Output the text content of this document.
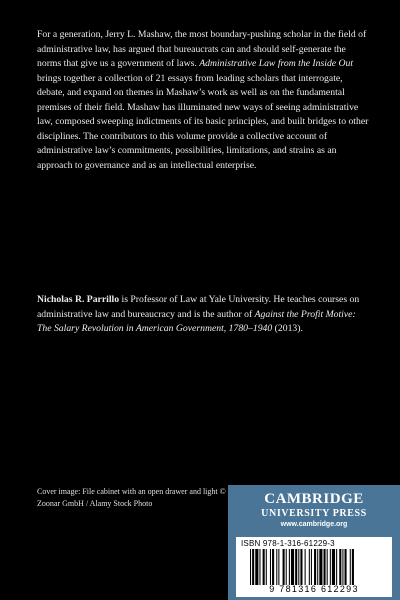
For a generation, Jerry L. Mashaw, the most boundary-pushing scholar in the field of administrative law, has argued that bureaucrats can and should self-generate the norms that give us a government of laws. Administrative Law from the Inside Out brings together a collection of 21 essays from leading scholars that interrogate, debate, and expand on themes in Mashaw’s work as well as on the fundamental premises of their field. Mashaw has illuminated new ways of seeing administrative law, composed sweeping indictments of its basic principles, and built bridges to other disciplines. The contributors to this volume provide a collective account of administrative law’s commitments, possibilities, limitations, and strains as an approach to governance and as an intellectual enterprise.

Nicholas R. Parrillo is Professor of Law at Yale University. He teaches courses on administrative law and bureaucracy and is the author of Against the Profit Motive: The Salary Revolution in American Government, 1780–1940 (2013).

Cover image: File cabinet with an open drawer and light © Zoonar GmbH / Alamy Stock Photo	CAMBRIDGE
UNIVERSITY PRESS
www.cambridge.org
ISBN 978-1-316-61229-3
9 781316 612293
